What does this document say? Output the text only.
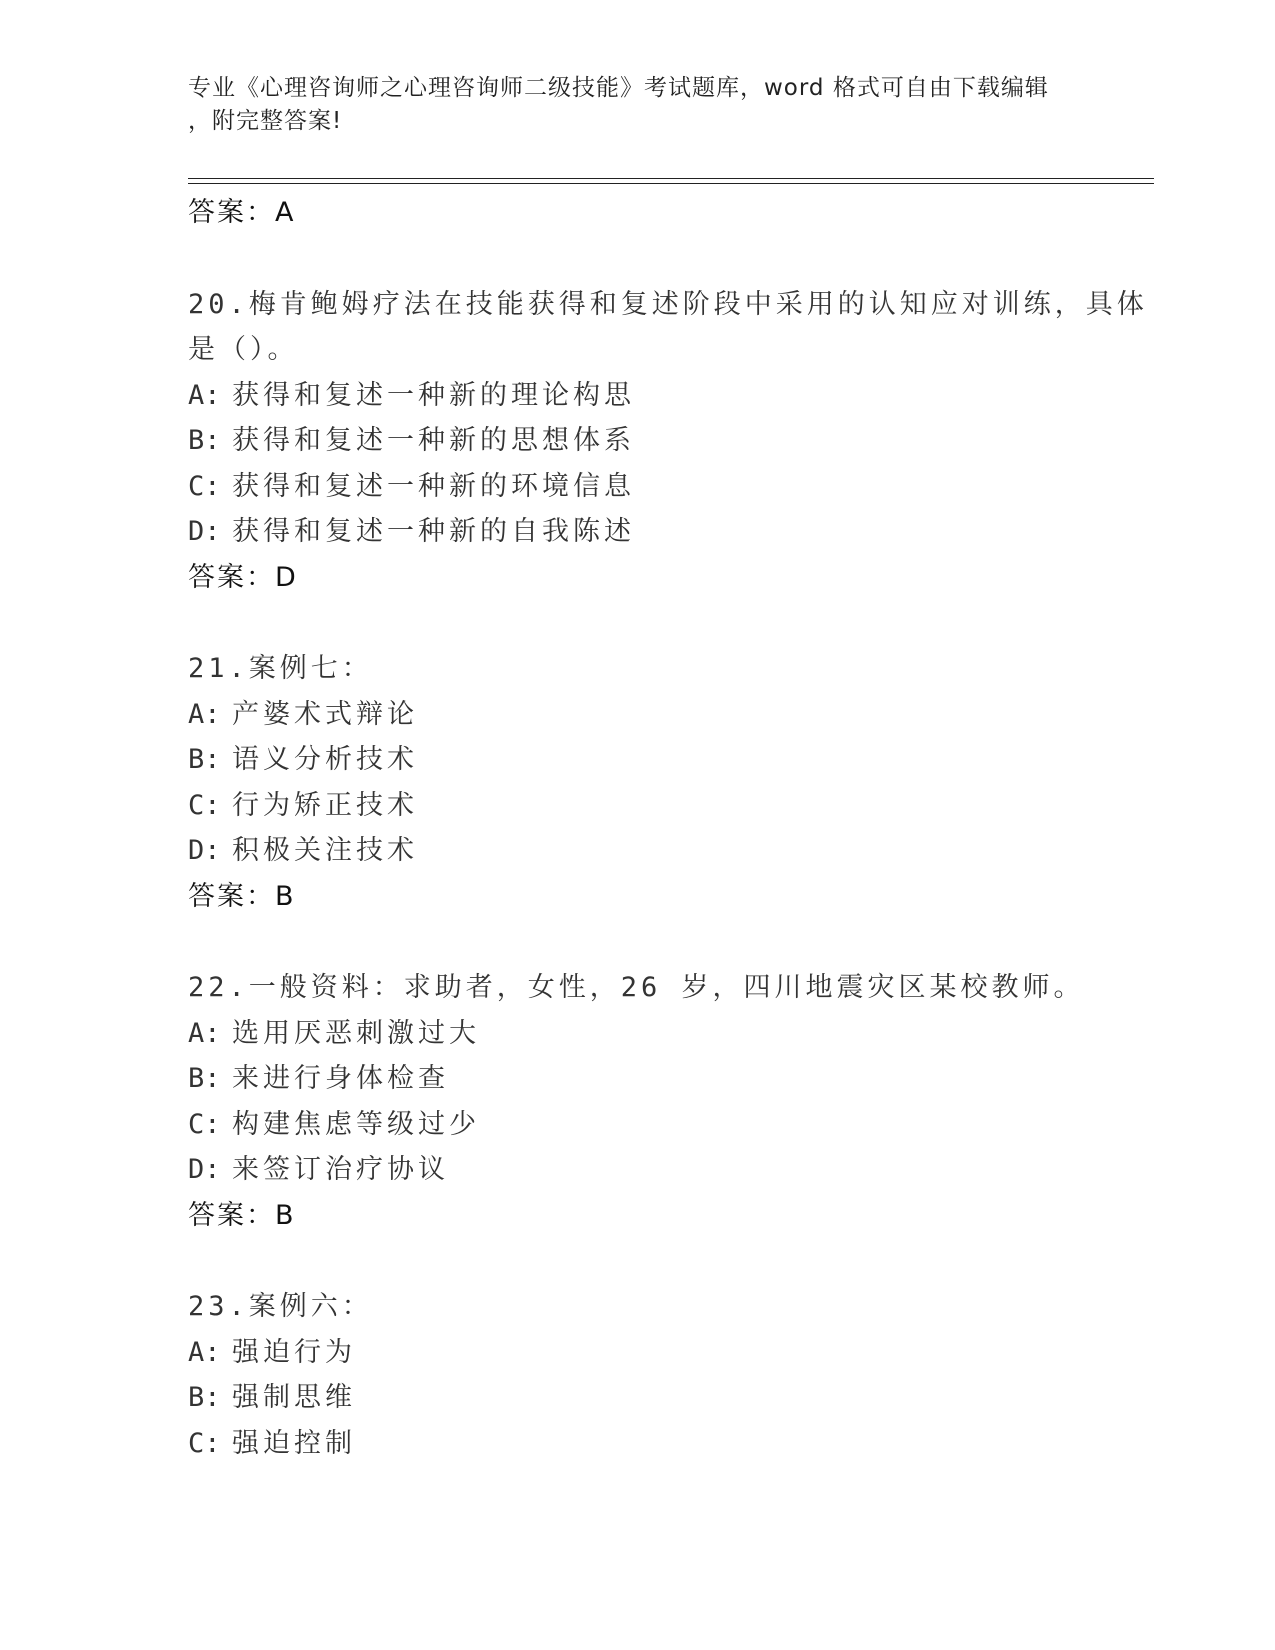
专业《心理咨询师之心理咨询师二级技能》考试题库，word 格式可自由下载编辑
，附完整答案!
答案：A
20.梅肯鲍姆疗法在技能获得和复述阶段中采用的认知应对训练，具体
是（）。
A: 获得和复述一种新的理论构思
B: 获得和复述一种新的思想体系
C: 获得和复述一种新的环境信息
D: 获得和复述一种新的自我陈述
答案：D
21.案例七：
A: 产婆术式辩论
B: 语义分析技术
C: 行为矫正技术
D: 积极关注技术
答案：B
22.一般资料：求助者，女性，26 岁，四川地震灾区某校教师。
A: 选用厌恶刺激过大
B: 来进行身体检查
C: 构建焦虑等级过少
D: 来签订治疗协议
答案：B
23.案例六：
A: 强迫行为
B: 强制思维
C: 强迫控制
